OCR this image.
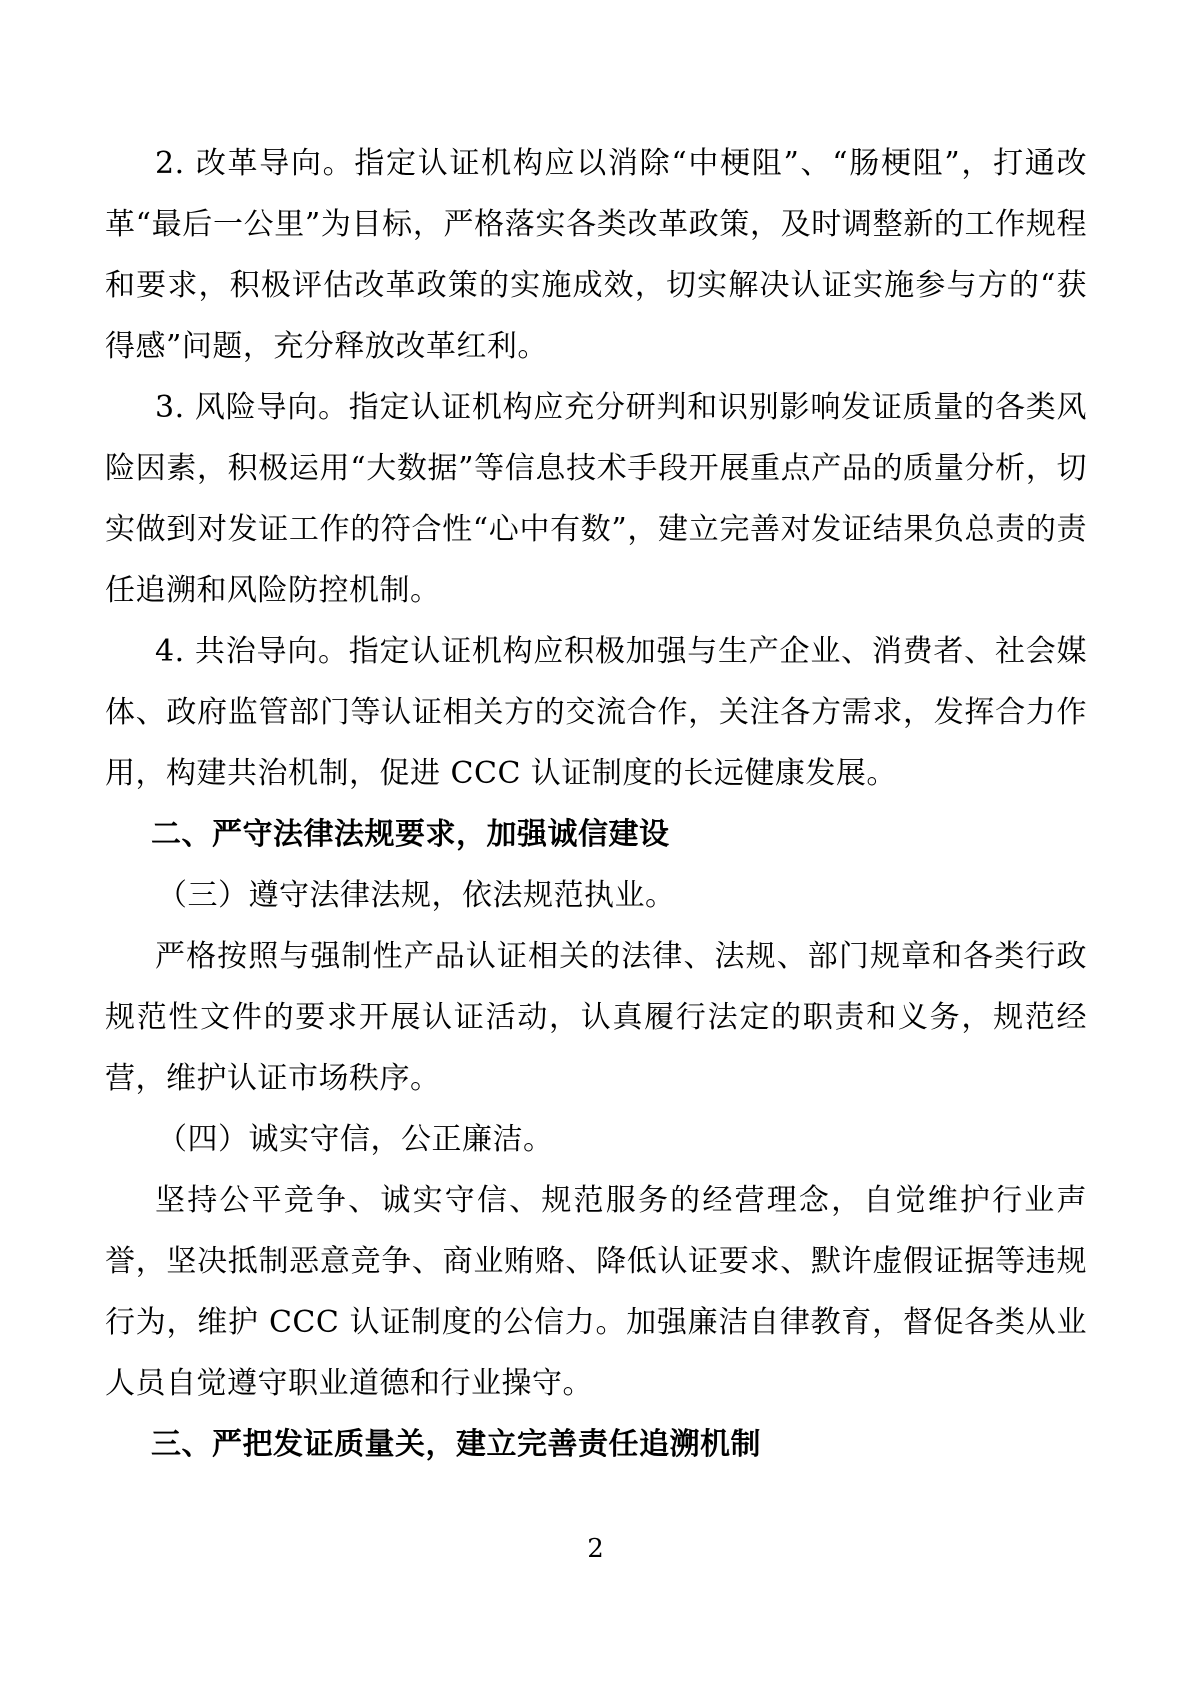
2. 改革导向。指定认证机构应以消除“中梗阻”、“肠梗阻”，打通改革“最后一公里”为目标，严格落实各类改革政策，及时调整新的工作规程和要求，积极评估改革政策的实施成效，切实解决认证实施参与方的“获得感”问题，充分释放改革红利。

3. 风险导向。指定认证机构应充分研判和识别影响发证质量的各类风险因素，积极运用“大数据”等信息技术手段开展重点产品的质量分析，切实做到对发证工作的符合性“心中有数”，建立完善对发证结果负总责的责任追溯和风险防控机制。

4. 共治导向。指定认证机构应积极加强与生产企业、消费者、社会媒体、政府监管部门等认证相关方的交流合作，关注各方需求，发挥合力作用，构建共治机制，促进 CCC 认证制度的长远健康发展。

二、严守法律法规要求，加强诚信建设

（三）遵守法律法规，依法规范执业。

严格按照与强制性产品认证相关的法律、法规、部门规章和各类行政规范性文件的要求开展认证活动，认真履行法定的职责和义务，规范经营，维护认证市场秩序。

（四）诚实守信，公正廉洁。

坚持公平竞争、诚实守信、规范服务的经营理念，自觉维护行业声誉，坚决抵制恶意竞争、商业贿赂、降低认证要求、默许虚假证据等违规行为，维护 CCC 认证制度的公信力。加强廉洁自律教育，督促各类从业人员自觉遵守职业道德和行业操守。

三、严把发证质量关，建立完善责任追溯机制

2
